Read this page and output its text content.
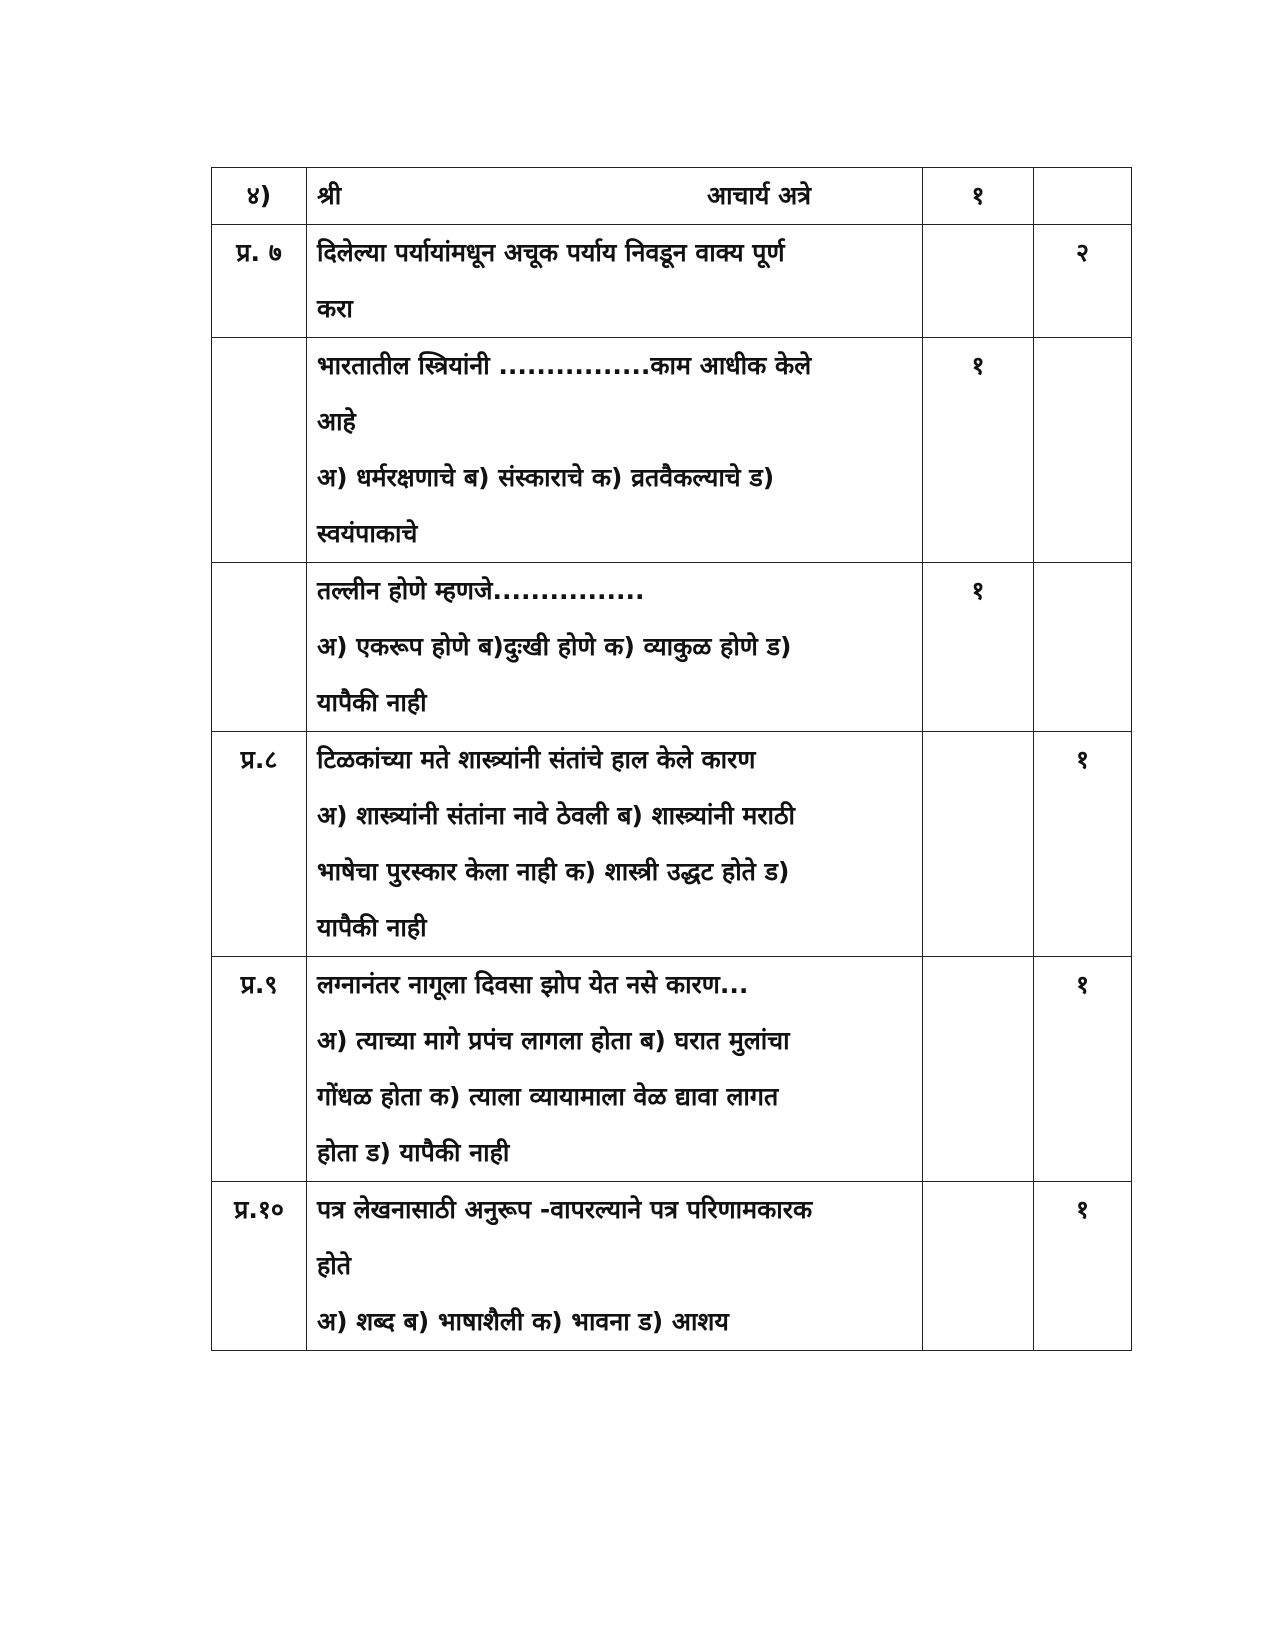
४)	श्री आचार्य अत्रे	१	
प्र. ७	दिलेल्या पर्यायांमधून अचूक पर्याय निवडून वाक्य पूर्ण
करा		२

	भारतातील स्त्रियांनी ................काम आधीक केले
आहे
अ) धर्मरक्षणाचे ब) संस्काराचे क) व्रतवैकल्याचे ड)
स्वयंपाकाचे	१	

	तल्लीन होणे म्हणजे................
अ) एकरूप होणे ब)दुःखी होणे क) व्याकुळ होणे ड)
यापैकी नाही	१	
प्र.८	टिळकांच्या मते शास्त्र्यांनी संतांचे हाल केले कारण
अ) शास्त्र्यांनी संतांना नावे ठेवली ब) शास्त्र्यांनी मराठी
भाषेचा पुरस्कार केला नाही क) शास्त्री उद्धट होते ड)
यापैकी नाही		१
प्र.९	लग्नानंतर नागूला दिवसा झोप येत नसे कारण...
अ) त्याच्या मागे प्रपंच लागला होता ब) घरात मुलांचा
गोंधळ होता क) त्याला व्यायामाला वेळ द्यावा लागत
होता ड) यापैकी नाही		१
प्र.१०	पत्र लेखनासाठी अनुरूप -वापरल्याने पत्र परिणामकारक
होते
अ) शब्द ब) भाषाशैली क) भावना ड) आशय		१
